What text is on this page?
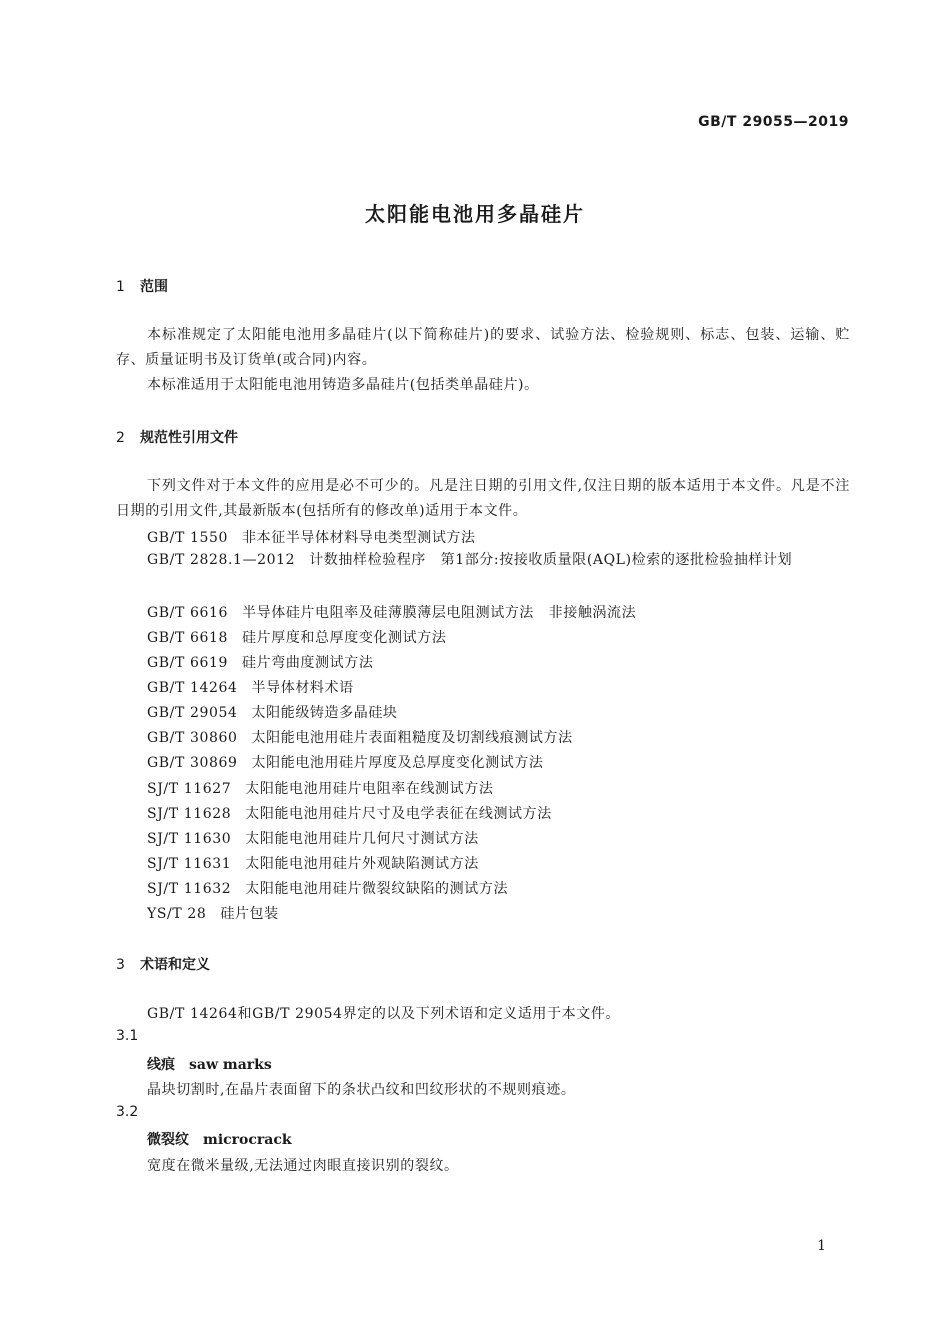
GB/T 29055—2019
太阳能电池用多晶硅片
1 范围
本标准规定了太阳能电池用多晶硅片(以下简称硅片)的要求、试验方法、检验规则、标志、包装、运输、贮存、质量证明书及订货单(或合同)内容。
本标准适用于太阳能电池用铸造多晶硅片(包括类单晶硅片)。
2 规范性引用文件
下列文件对于本文件的应用是必不可少的。凡是注日期的引用文件,仅注日期的版本适用于本文件。凡是不注日期的引用文件,其最新版本(包括所有的修改单)适用于本文件。
GB/T 1550 非本征半导体材料导电类型测试方法
GB/T 2828.1—2012 计数抽样检验程序　第1部分:按接收质量限(AQL)检索的逐批检验抽样计划
GB/T 6616 半导体硅片电阻率及硅薄膜薄层电阻测试方法　非接触涡流法
GB/T 6618 硅片厚度和总厚度变化测试方法
GB/T 6619 硅片弯曲度测试方法
GB/T 14264 半导体材料术语
GB/T 29054 太阳能级铸造多晶硅块
GB/T 30860 太阳能电池用硅片表面粗糙度及切割线痕测试方法
GB/T 30869 太阳能电池用硅片厚度及总厚度变化测试方法
SJ/T 11627 太阳能电池用硅片电阻率在线测试方法
SJ/T 11628 太阳能电池用硅片尺寸及电学表征在线测试方法
SJ/T 11630 太阳能电池用硅片几何尺寸测试方法
SJ/T 11631 太阳能电池用硅片外观缺陷测试方法
SJ/T 11632 太阳能电池用硅片微裂纹缺陷的测试方法
YS/T 28 硅片包装
3 术语和定义
GB/T 14264和GB/T 29054界定的以及下列术语和定义适用于本文件。
3.1
线痕 saw marks
晶块切割时,在晶片表面留下的条状凸纹和凹纹形状的不规则痕迹。
3.2
微裂纹 microcrack
宽度在微米量级,无法通过肉眼直接识别的裂纹。
1
